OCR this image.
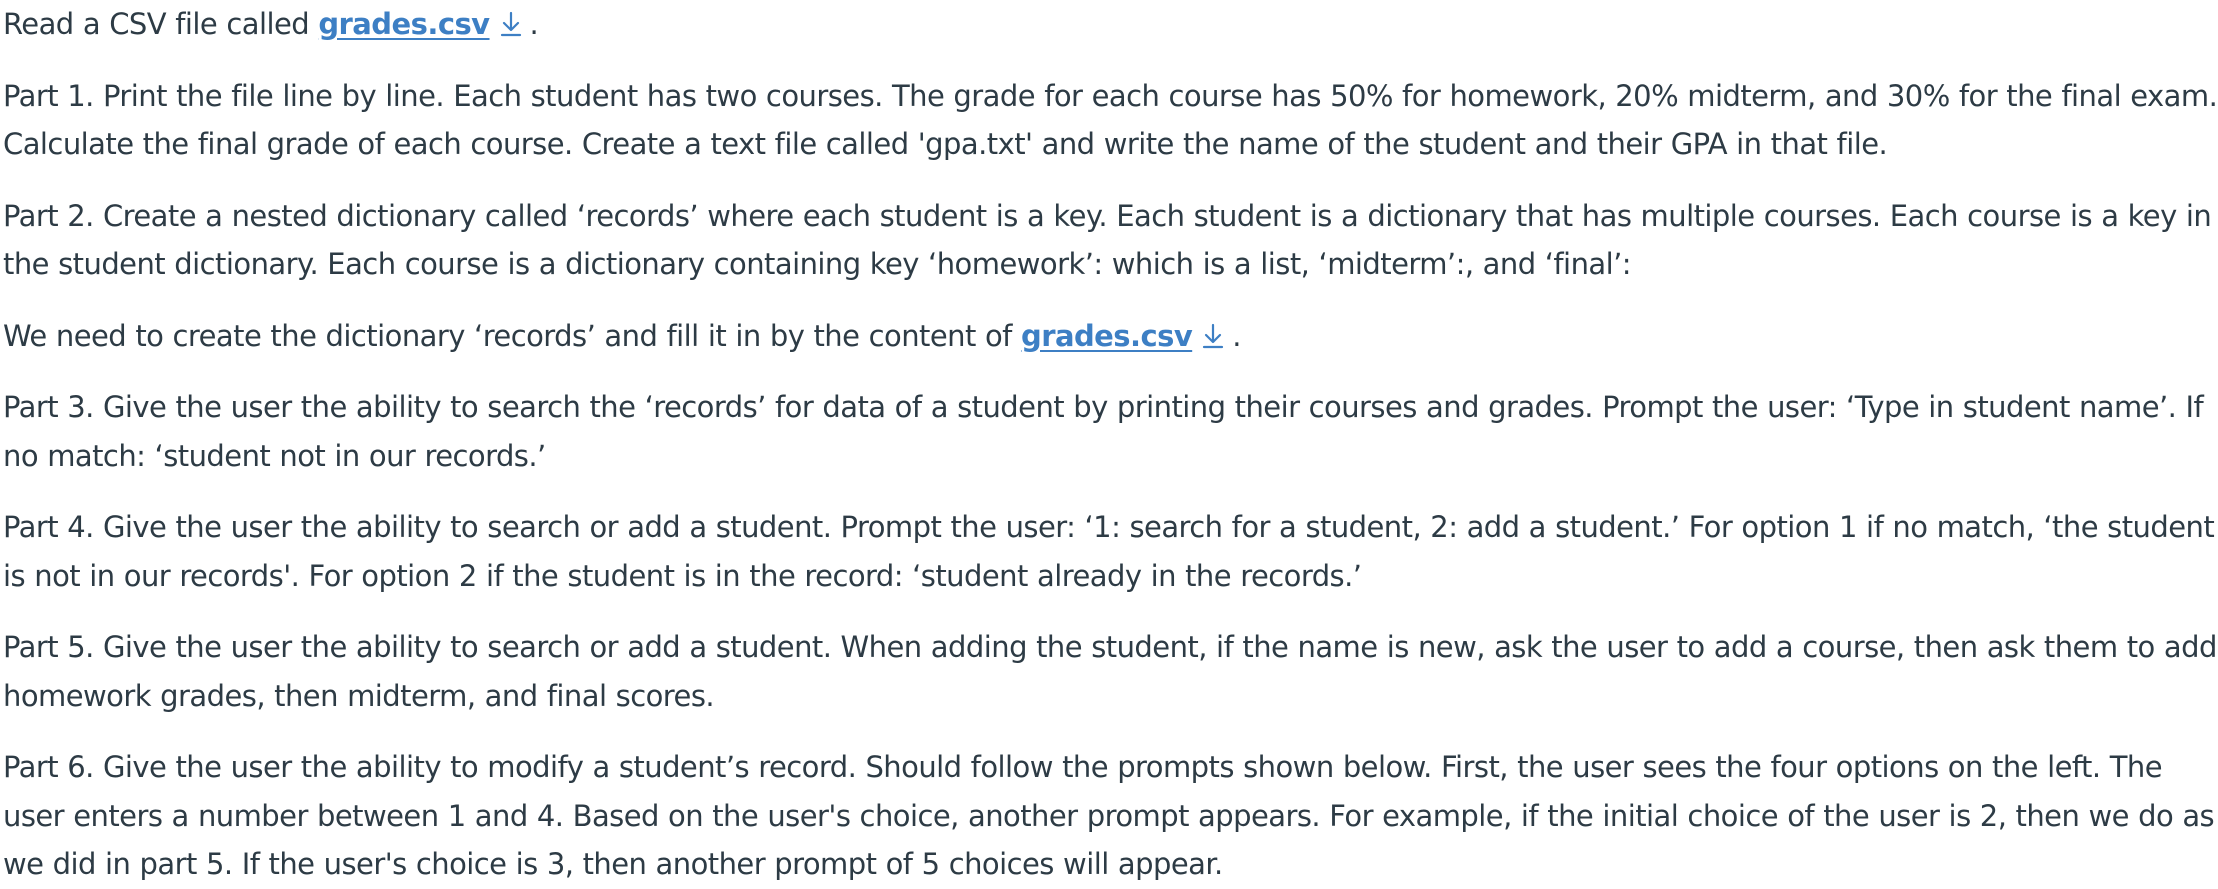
Read a CSV file called grades.csv .

Part 1. Print the file line by line. Each student has two courses. The grade for each course has 50% for homework, 20% midterm, and 30% for the final exam. Calculate the final grade of each course. Create a text file called 'gpa.txt' and write the name of the student and their GPA in that file.

Part 2. Create a nested dictionary called ‘records’ where each student is a key. Each student is a dictionary that has multiple courses. Each course is a key in the student dictionary. Each course is a dictionary containing key ‘homework’: which is a list, ‘midterm’:, and ‘final’:

We need to create the dictionary ‘records’ and fill it in by the content of grades.csv .

Part 3. Give the user the ability to search the ‘records’ for data of a student by printing their courses and grades. Prompt the user: ‘Type in student name’. If no match: ‘student not in our records.’

Part 4. Give the user the ability to search or add a student. Prompt the user: ‘1: search for a student, 2: add a student.’ For option 1 if no match, ‘the student is not in our records'. For option 2 if the student is in the record: ‘student already in the records.’

Part 5. Give the user the ability to search or add a student. When adding the student, if the name is new, ask the user to add a course, then ask them to add homework grades, then midterm, and final scores.

Part 6. Give the user the ability to modify a student’s record. Should follow the prompts shown below. First, the user sees the four options on the left. The user enters a number between 1 and 4. Based on the user's choice, another prompt appears. For example, if the initial choice of the user is 2, then we do as we did in part 5. If the user's choice is 3, then another prompt of 5 choices will appear.
